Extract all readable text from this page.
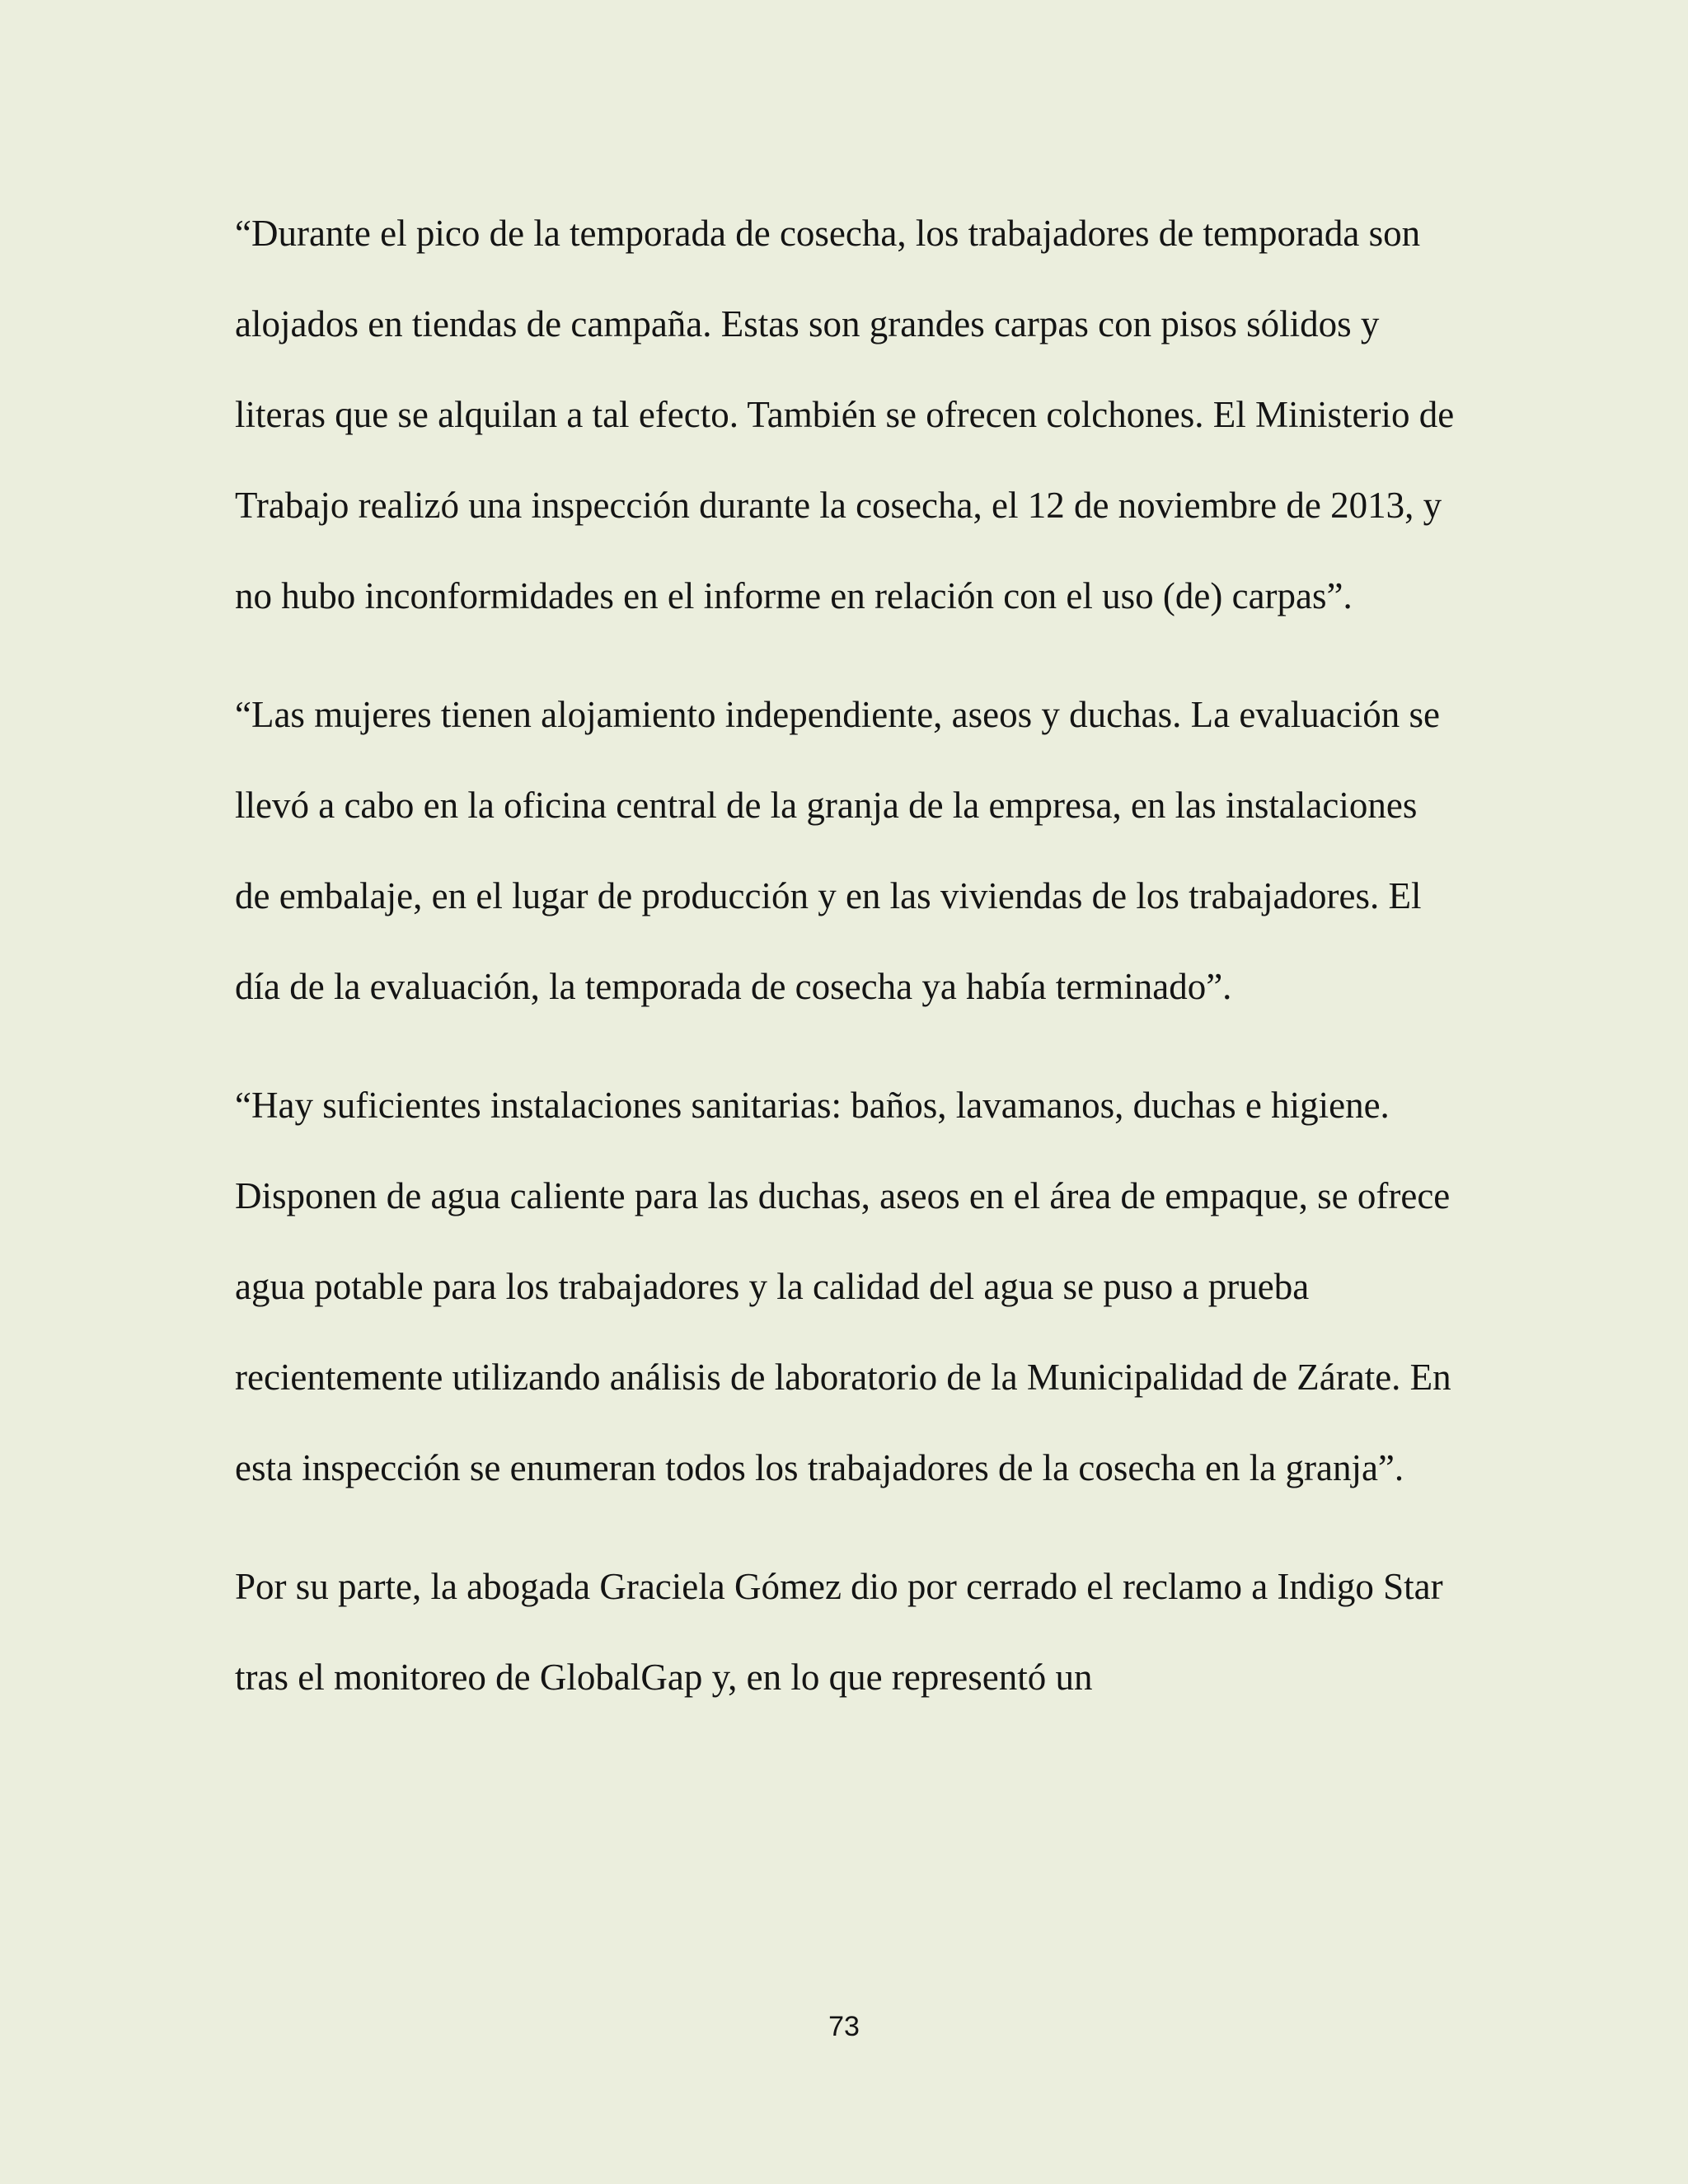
“Durante el pico de la temporada de cosecha, los trabajadores de temporada son alojados en tiendas de campaña. Estas son grandes carpas con pisos sólidos y literas que se alquilan a tal efecto. También se ofrecen colchones. El Ministerio de Trabajo realizó una inspección durante la cosecha, el 12 de noviembre de 2013, y no hubo inconformidades en el informe en relación con el uso (de) carpas”.

“Las mujeres tienen alojamiento independiente, aseos y duchas. La evaluación se llevó a cabo en la oficina central de la granja de la empresa, en las instalaciones de embalaje, en el lugar de producción y en las viviendas de los trabajadores. El día de la evaluación, la temporada de cosecha ya había terminado”.

“Hay suficientes instalaciones sanitarias: baños, lavamanos, duchas e higiene. Disponen de agua caliente para las duchas, aseos en el área de empaque, se ofrece agua potable para los trabajadores y la calidad del agua se puso a prueba recientemente utilizando análisis de laboratorio de la Municipalidad de Zárate. En esta inspección se enumeran todos los trabajadores de la cosecha en la granja”.

Por su parte, la abogada Graciela Gómez dio por cerrado el reclamo a Indigo Star tras el monitoreo de GlobalGap y, en lo que representó un

73
